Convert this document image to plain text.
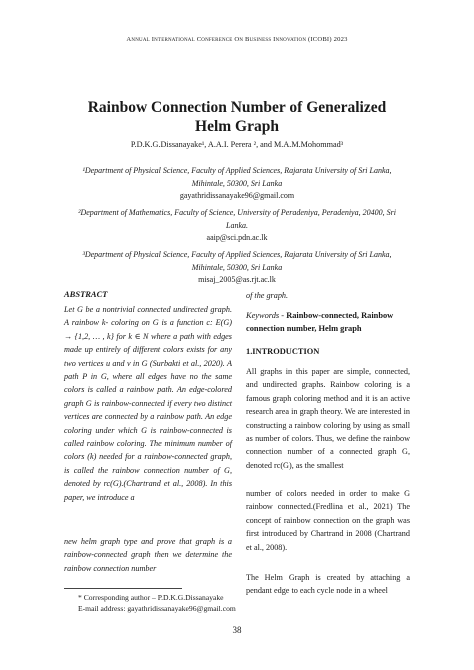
Annual International Conference On Business Innovation (ICOBI) 2023
Rainbow Connection Number of Generalized
Helm Graph
P.D.K.G.Dissanayake¹, A.A.I. Perera ², and M.A.M.Mohommad³
¹Department of Physical Science, Faculty of Applied Sciences, Rajarata University of Sri Lanka,
Mihintale, 50300, Sri Lanka
gayathridissanayake96@gmail.com
²Department of Mathematics, Faculty of Science, University of Peradeniya, Peradeniya, 20400, Sri
Lanka.
aaip@sci.pdn.ac.lk
³Department of Physical Science, Faculty of Applied Sciences, Rajarata University of Sri Lanka,
Mihintale, 50300, Sri Lanka
misaj_2005@as.rjt.ac.lk
ABSTRACT
Let G be a nontrivial connected undirected graph. A rainbow k- coloring on G is a function c: E(G) → {1,2, … , k} for k ∈ N where a path with edges made up entirely of different colors exists for any two vertices u and v in G (Surbakti et al., 2020). A path P in G, where all edges have no the same colors is called a rainbow path. An edge-colored graph G is rainbow-connected if every two distinct vertices are connected by a rainbow path. An edge coloring under which G is rainbow-connected is called rainbow coloring. The minimum number of colors (k) needed for a rainbow-connected graph, is called the rainbow connection number of G, denoted by rc(G).(Chartrand et al., 2008). In this paper, we introduce a
new helm graph type and prove that graph is a rainbow-connected graph then we determine the rainbow connection number
of the graph.
Keywords - Rainbow-connected, Rainbow connection number, Helm graph
1.INTRODUCTION
All graphs in this paper are simple, connected, and undirected graphs. Rainbow coloring is a famous graph coloring method and it is an active research area in graph theory. We are interested in constructing a rainbow coloring by using as small as number of colors. Thus, we define the rainbow connection number of a connected graph G, denoted rc(G), as the smallest
number of colors needed in order to make G rainbow connected.(Fredlina et al., 2021) The concept of rainbow connection on the graph was first introduced by Chartrand in 2008 (Chartrand et al., 2008).
The Helm Graph is created by attaching a pendant edge to each cycle node in a wheel
* Corresponding author – P.D.K.G.Dissanayake
E-mail address: gayathridissanayake96@gmail.com
38
